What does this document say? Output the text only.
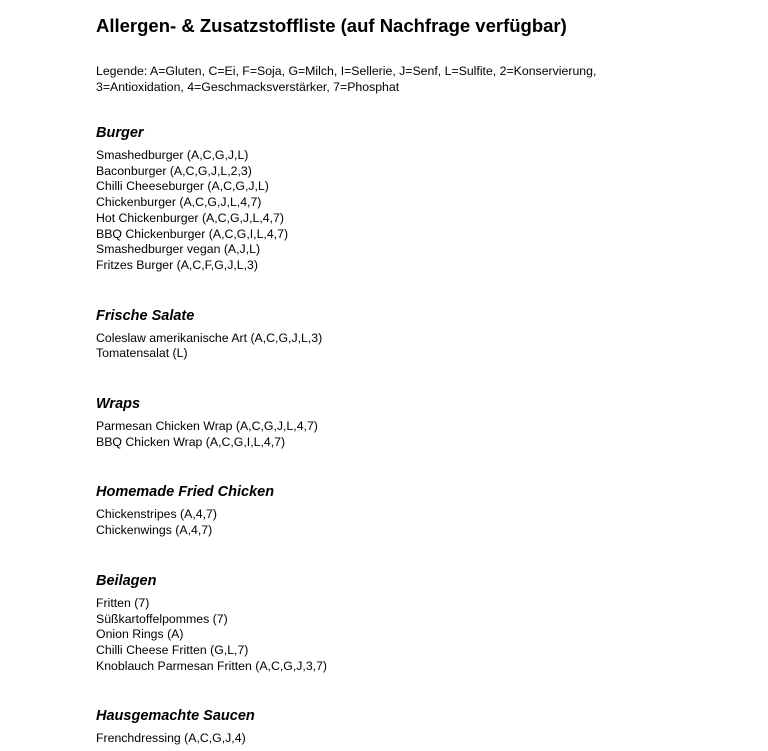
Allergen- & Zusatzstoffliste (auf Nachfrage verfügbar)

Legende: A=Gluten, C=Ei, F=Soja, G=Milch, I=Sellerie, J=Senf, L=Sulfite, 2=Konservierung,
3=Antioxidation, 4=Geschmacksverstärker, 7=Phosphat

Burger
Smashedburger (A,C,G,J,L)
Baconburger (A,C,G,J,L,2,3)
Chilli Cheeseburger (A,C,G,J,L)
Chickenburger (A,C,G,J,L,4,7)
Hot Chickenburger (A,C,G,J,L,4,7)
BBQ Chickenburger (A,C,G,I,L,4,7)
Smashedburger vegan (A,J,L)
Fritzes Burger (A,C,F,G,J,L,3)
Frische Salate
Coleslaw amerikanische Art (A,C,G,J,L,3)
Tomatensalat (L)
Wraps
Parmesan Chicken Wrap (A,C,G,J,L,4,7)
BBQ Chicken Wrap (A,C,G,I,L,4,7)
Homemade Fried Chicken
Chickenstripes (A,4,7)
Chickenwings (A,4,7)
Beilagen
Fritten (7)
Süßkartoffelpommes (7)
Onion Rings (A)
Chilli Cheese Fritten (G,L,7)
Knoblauch Parmesan Fritten (A,C,G,J,3,7)
Hausgemachte Saucen
Frenchdressing (A,C,G,J,4)
